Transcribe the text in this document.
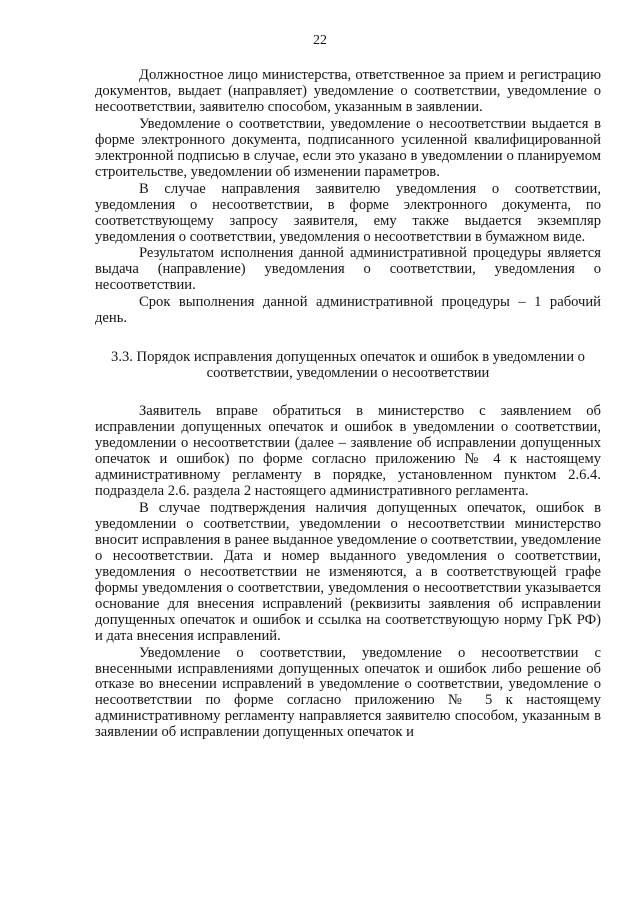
22

Должностное лицо министерства, ответственное за прием и регистрацию документов, выдает (направляет) уведомление о соответствии, уведомление о несоответствии, заявителю способом, указанным в заявлении.

Уведомление о соответствии, уведомление о несоответствии выдается в форме электронного документа, подписанного усиленной квалифицированной электронной подписью в случае, если это указано в уведомлении о планируемом строительстве, уведомлении об изменении параметров.

В случае направления заявителю уведомления о соответствии, уведомления о несоответствии, в форме электронного документа, по соответствующему запросу заявителя, ему также выдается экземпляр уведомления о соответствии, уведомления о несоответствии в бумажном виде.

Результатом исполнения данной административной процедуры является выдача (направление) уведомления о соответствии, уведомления о несоответствии.

Срок выполнения данной административной процедуры – 1 рабочий день.

3.3. Порядок исправления допущенных опечаток и ошибок в уведомлении о соответствии, уведомлении о несоответствии

Заявитель вправе обратиться в министерство с заявлением об исправлении допущенных опечаток и ошибок в уведомлении о соответствии, уведомлении о несоответствии (далее – заявление об исправлении допущенных опечаток и ошибок) по форме согласно приложению № 4 к настоящему административному регламенту в порядке, установленном пунктом 2.6.4. подраздела 2.6. раздела 2 настоящего административного регламента.

В случае подтверждения наличия допущенных опечаток, ошибок в уведомлении о соответствии, уведомлении о несоответствии министерство вносит исправления в ранее выданное уведомление о соответствии, уведомление о несоответствии. Дата и номер выданного уведомления о соответствии, уведомления о несоответствии не изменяются, а в соответствующей графе формы уведомления о соответствии, уведомления о несоответствии указывается основание для внесения исправлений (реквизиты заявления об исправлении допущенных опечаток и ошибок и ссылка на соответствующую норму ГрК РФ) и дата внесения исправлений.

Уведомление о соответствии, уведомление о несоответствии с внесенными исправлениями допущенных опечаток и ошибок либо решение об отказе во внесении исправлений в уведомление о соответствии, уведомление о несоответствии по форме согласно приложению № 5 к настоящему административному регламенту направляется заявителю способом, указанным в заявлении об исправлении допущенных опечаток и
